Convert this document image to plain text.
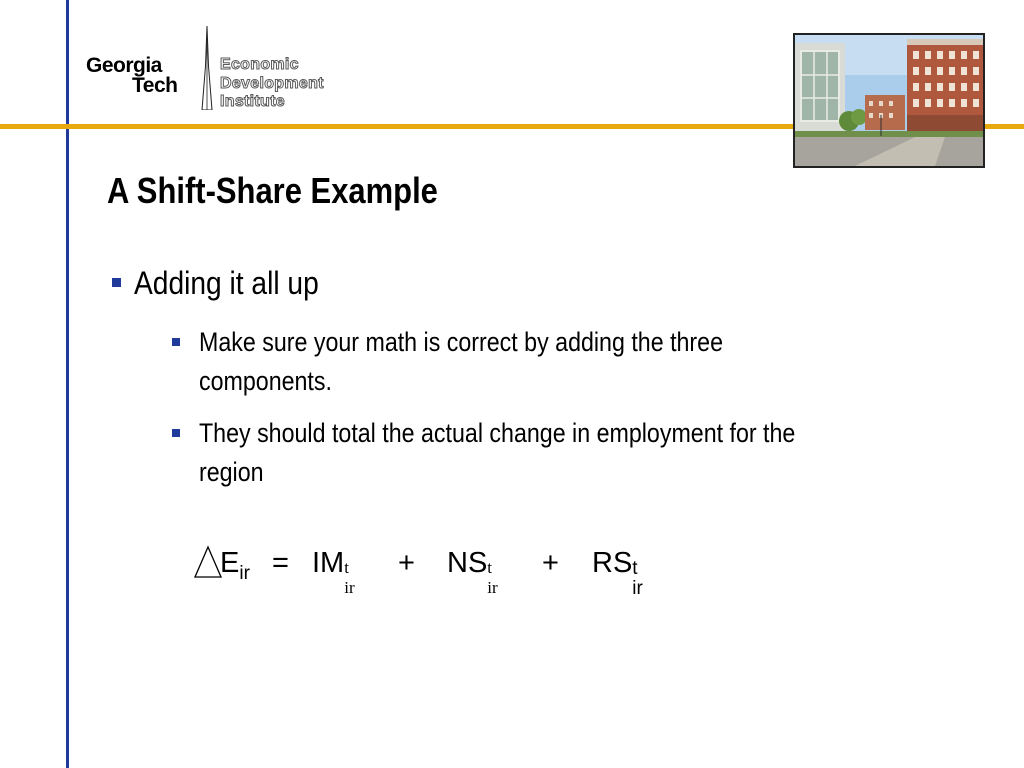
Georgia
Tech
Economic
Development
Institute
A Shift-Share Example
Adding it all up
Make sure your math is correct by adding the three components.
They should total the actual change in employment for the region
$E_{ir}$ = IM t
ir
+ NS t
ir
+ RS t
ir
